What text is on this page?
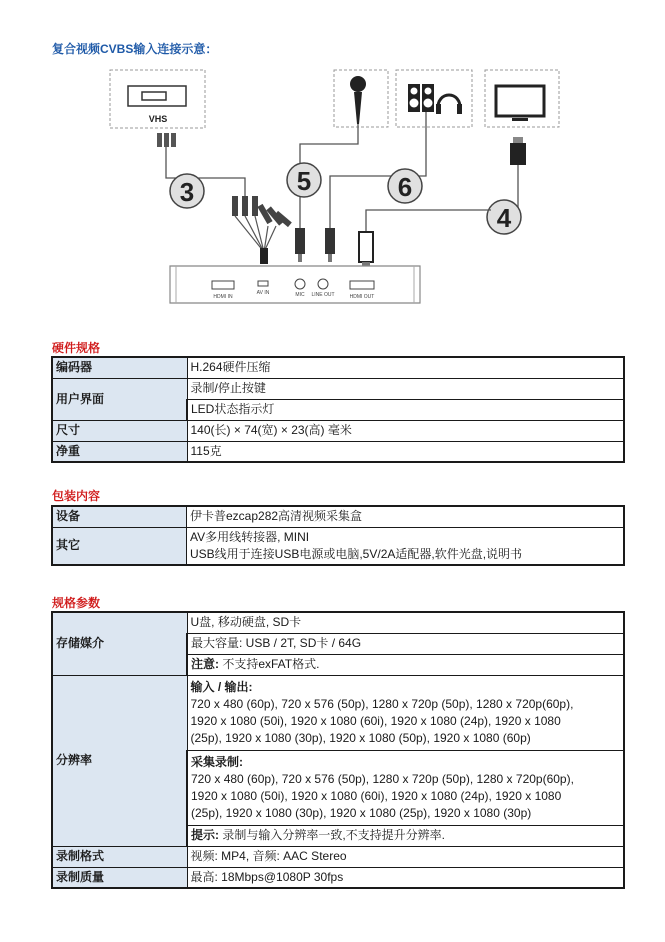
复合视频CVBS输入连接示意：
VHS
3	5	6
4
HDMI IN
AV IN	MIC LINE OUT	HDMI OUT
硬件规格
编码器	H.264硬件压缩
用户界面	录制/停止按键
	LED状态指示灯
尺寸	140(长) × 74(宽) × 23(高) 毫米
净重	115克
包装内容
设备	伊卡普ezcap282高清视频采集盒
其它	AV多用线转接器, MINI
USB线用于连接USB电源或电脑,5V/2A适配器,软件光盘,说明书
规格参数
存储媒介	U盘, 移动硬盘, SD卡
	最大容量: USB / 2T, SD卡 / 64G
	注意: 不支持exFAT格式.
分辨率	输入 / 输出:
720 x 480 (60p), 720 x 576 (50p), 1280 x 720p (50p), 1280 x 720p(60p),
1920 x 1080 (50i), 1920 x 1080 (60i), 1920 x 1080 (24p), 1920 x 1080
(25p), 1920 x 1080 (30p), 1920 x 1080 (50p), 1920 x 1080 (60p)

	采集录制:
720 x 480 (60p), 720 x 576 (50p), 1280 x 720p (50p), 1280 x 720p(60p),
1920 x 1080 (50i), 1920 x 1080 (60i), 1920 x 1080 (24p), 1920 x 1080
(25p), 1920 x 1080 (30p), 1920 x 1080 (25p), 1920 x 1080 (30p)

	提示: 录制与输入分辨率一致,不支持提升分辨率.
录制格式	视频: MP4, 音频: AAC Stereo
录制质量	最高: 18Mbps@1080P 30fps
